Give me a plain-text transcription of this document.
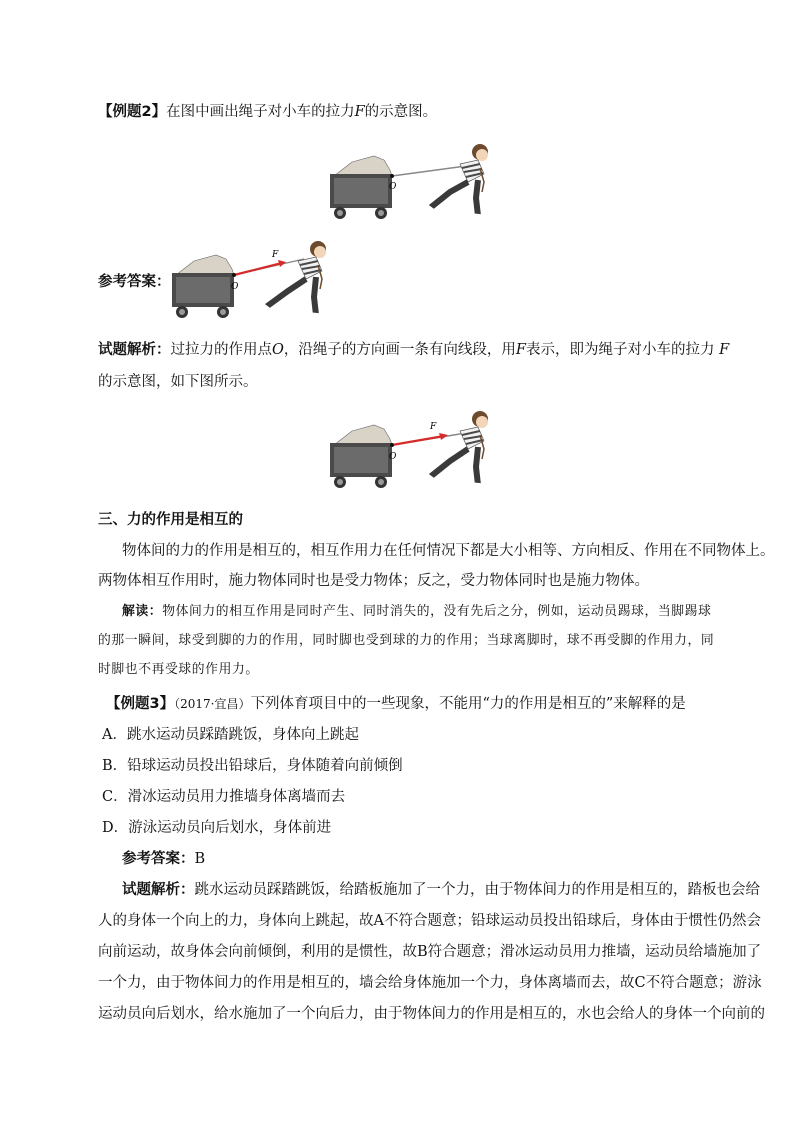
【例题2】在图中画出绳子对小车的拉力F的示意图。
O
参考答案：	O
F
试题解析：过拉力的作用点O，沿绳子的方向画一条有向线段，用F表示，即为绳子对小车的拉力 F
的示意图，如下图所示。
O
F
三、力的作用是相互的
物体间的力的作用是相互的，相互作用力在任何情况下都是大小相等、方向相反、作用在不同物体上。
两物体相互作用时，施力物体同时也是受力物体；反之，受力物体同时也是施力物体。
解读：物体间力的相互作用是同时产生、同时消失的，没有先后之分，例如，运动员踢球，当脚踢球
的那一瞬间，球受到脚的力的作用，同时脚也受到球的力的作用；当球离脚时，球不再受脚的作用力，同
时脚也不再受球的作用力。
【例题3】（2017·宜昌）下列体育项目中的一些现象，不能用“力的作用是相互的”来解释的是
A．跳水运动员踩踏跳饭，身体向上跳起
B．铅球运动员投出铅球后，身体随着向前倾倒
C．滑冰运动员用力推墙身体离墙而去
D．游泳运动员向后划水，身体前进
参考答案：B
试题解析：跳水运动员踩踏跳饭，给踏板施加了一个力，由于物体间力的作用是相互的，踏板也会给
人的身体一个向上的力，身体向上跳起，故A不符合题意；铅球运动员投出铅球后，身体由于惯性仍然会
向前运动，故身体会向前倾倒，利用的是惯性，故B符合题意；滑冰运动员用力推墙，运动员给墙施加了
一个力，由于物体间力的作用是相互的，墙会给身体施加一个力，身体离墙而去，故C不符合题意；游泳
运动员向后划水，给水施加了一个向后力，由于物体间力的作用是相互的，水也会给人的身体一个向前的
